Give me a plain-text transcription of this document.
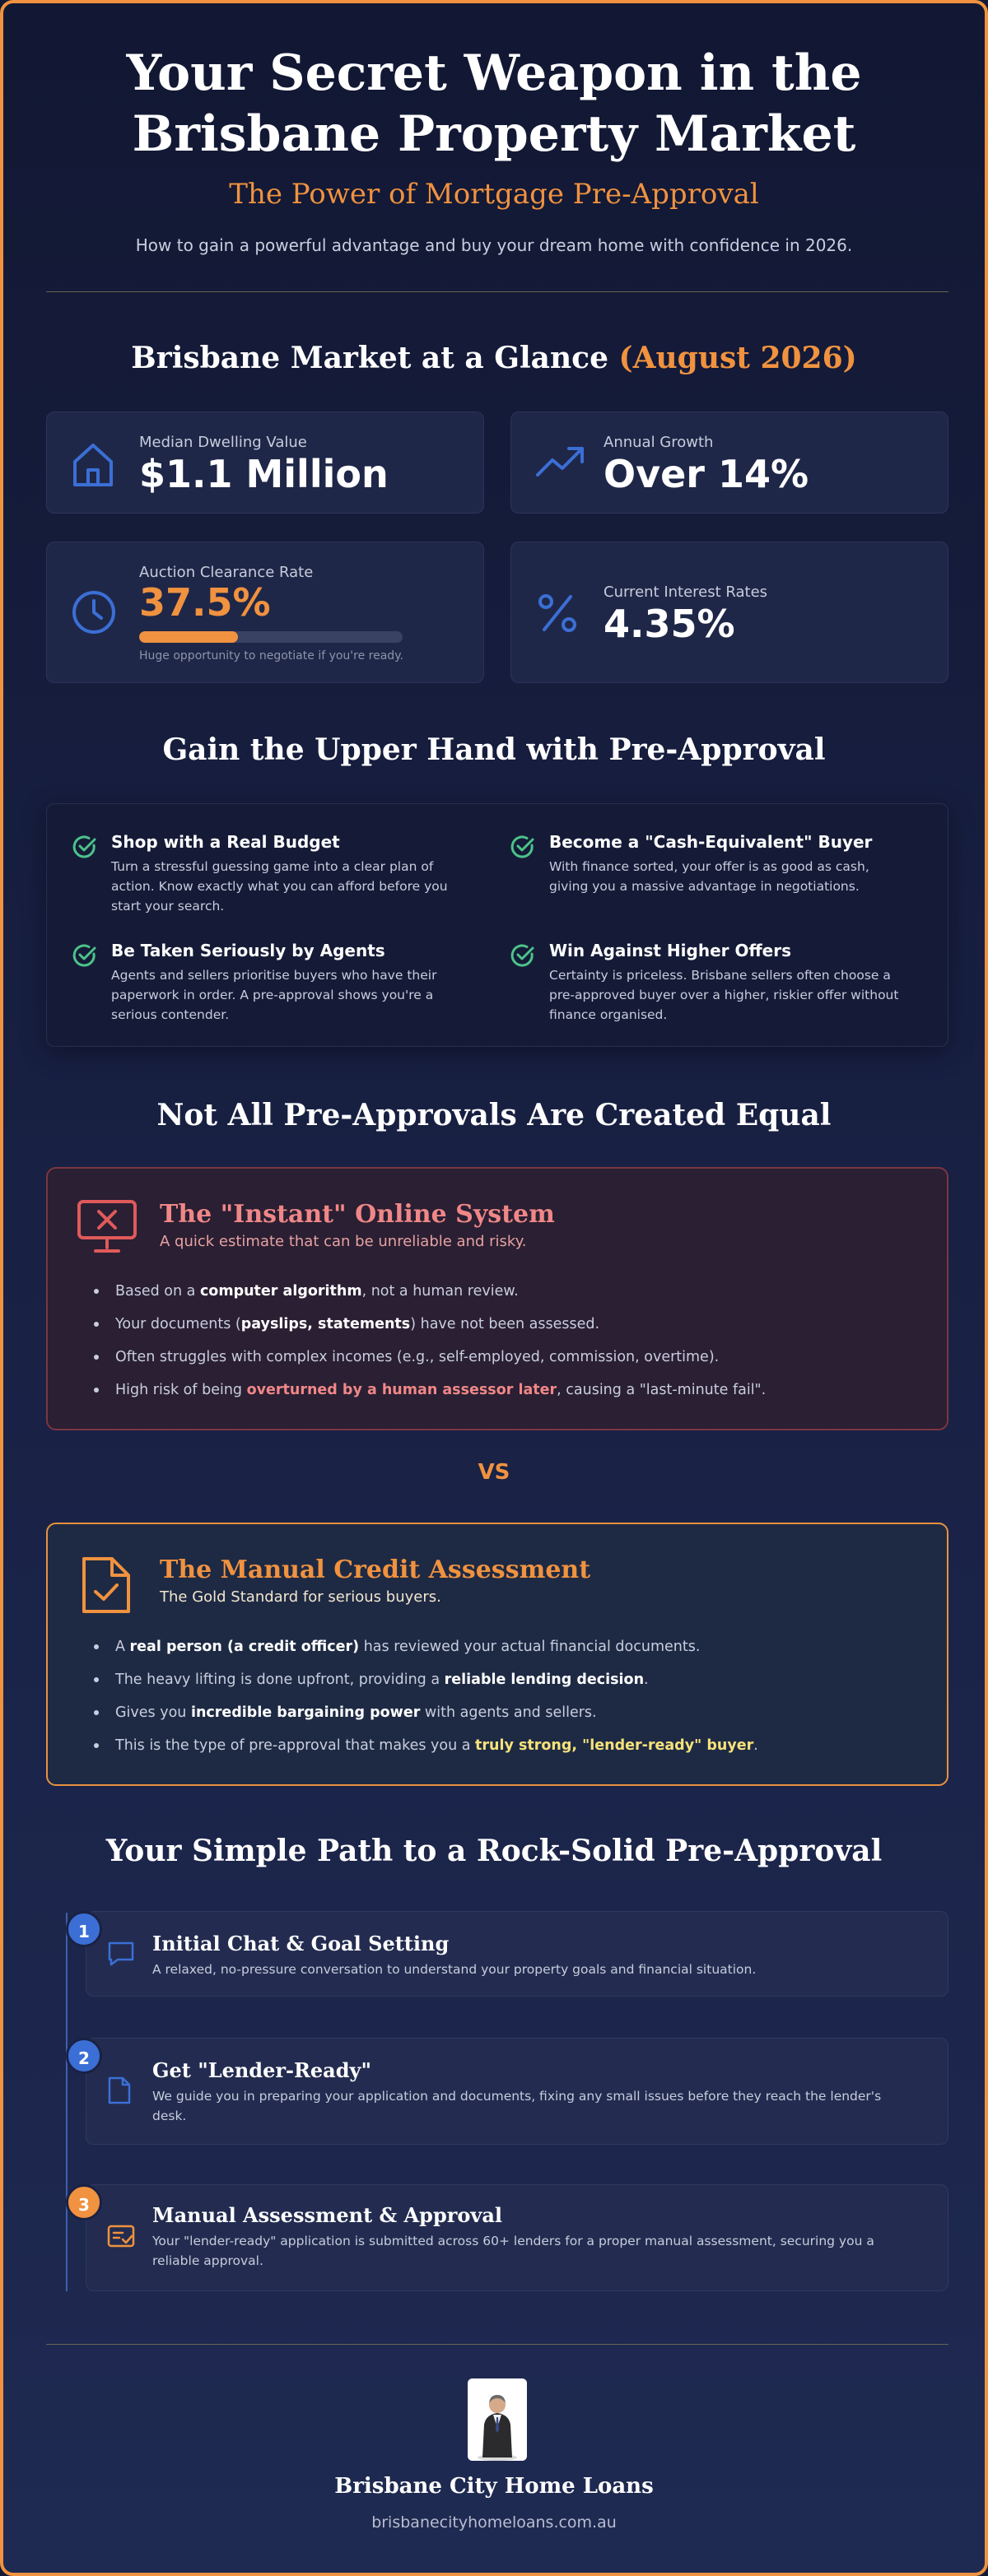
Your Secret Weapon in the
Brisbane Property Market
The Power of Mortgage Pre-Approval
How to gain a powerful advantage and buy your dream home with confidence in 2026.
Brisbane Market at a Glance (August 2026)
Median Dwelling Value
$1.1 Million
Annual Growth
Over 14%
Auction Clearance Rate
37.5%
Huge opportunity to negotiate if you're ready.
Current Interest Rates
4.35%
Gain the Upper Hand with Pre-Approval
Shop with a Real Budget
Turn a stressful guessing game into a clear plan of action. Know exactly what you can afford before you start your search.
Become a "Cash-Equivalent" Buyer
With finance sorted, your offer is as good as cash, giving you a massive advantage in negotiations.
Be Taken Seriously by Agents
Agents and sellers prioritise buyers who have their paperwork in order. A pre-approval shows you're a serious contender.
Win Against Higher Offers
Certainty is priceless. Brisbane sellers often choose a pre-approved buyer over a higher, riskier offer without finance organised.
Not All Pre-Approvals Are Created Equal
The "Instant" Online System
A quick estimate that can be unreliable and risky.
Based on a computer algorithm, not a human review.
Your documents (payslips, statements) have not been assessed.
Often struggles with complex incomes (e.g., self-employed, commission, overtime).
High risk of being overturned by a human assessor later, causing a "last-minute fail".
VS
The Manual Credit Assessment
The Gold Standard for serious buyers.
A real person (a credit officer) has reviewed your actual financial documents.
The heavy lifting is done upfront, providing a reliable lending decision.
Gives you incredible bargaining power with agents and sellers.
This is the type of pre-approval that makes you a truly strong, "lender-ready" buyer.
Your Simple Path to a Rock-Solid Pre-Approval
Initial Chat & Goal Setting
A relaxed, no-pressure conversation to understand your property goals and financial situation.
1
Get "Lender-Ready"
We guide you in preparing your application and documents, fixing any small issues before they reach the lender's desk.
2
Manual Assessment & Approval
Your "lender-ready" application is submitted across 60+ lenders for a proper manual assessment, securing you a reliable approval.
3
Brisbane City Home Loans
brisbanecityhomeloans.com.au
